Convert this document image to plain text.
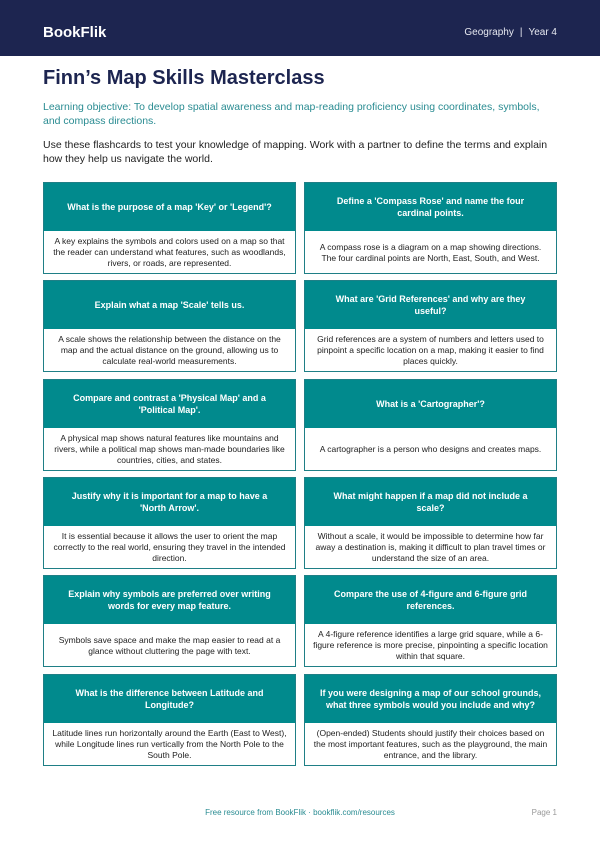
BookFlik	Geography | Year 4
Finn’s Map Skills Masterclass

Learning objective: To develop spatial awareness and map-reading proficiency using coordinates, symbols, and compass directions.

Use these flashcards to test your knowledge of mapping. Work with a partner to define the terms and explain how they help us navigate the world.

What is the purpose of a map 'Key' or 'Legend'?
A key explains the symbols and colors used on a map so that the reader can understand what features, such as woodlands, rivers, or roads, are represented.
Define a 'Compass Rose' and name the four cardinal points.
A compass rose is a diagram on a map showing directions. The four cardinal points are North, East, South, and West.
Explain what a map 'Scale' tells us.
A scale shows the relationship between the distance on the map and the actual distance on the ground, allowing us to calculate real-world measurements.
What are 'Grid References' and why are they useful?
Grid references are a system of numbers and letters used to pinpoint a specific location on a map, making it easier to find places quickly.
Compare and contrast a 'Physical Map' and a 'Political Map'.
A physical map shows natural features like mountains and rivers, while a political map shows man-made boundaries like countries, cities, and states.
What is a 'Cartographer'?
A cartographer is a person who designs and creates maps.
Justify why it is important for a map to have a 'North Arrow'.
It is essential because it allows the user to orient the map correctly to the real world, ensuring they travel in the intended direction.
What might happen if a map did not include a scale?
Without a scale, it would be impossible to determine how far away a destination is, making it difficult to plan travel times or understand the size of an area.
Explain why symbols are preferred over writing words for every map feature.
Symbols save space and make the map easier to read at a glance without cluttering the page with text.
Compare the use of 4-figure and 6-figure grid references.
A 4-figure reference identifies a large grid square, while a 6-figure reference is more precise, pinpointing a specific location within that square.
What is the difference between Latitude and Longitude?
Latitude lines run horizontally around the Earth (East to West), while Longitude lines run vertically from the North Pole to the South Pole.
If you were designing a map of our school grounds, what three symbols would you include and why?
(Open-ended) Students should justify their choices based on the most important features, such as the playground, the main entrance, and the library.
Free resource from BookFlik · bookflik.com/resources	Page 1
